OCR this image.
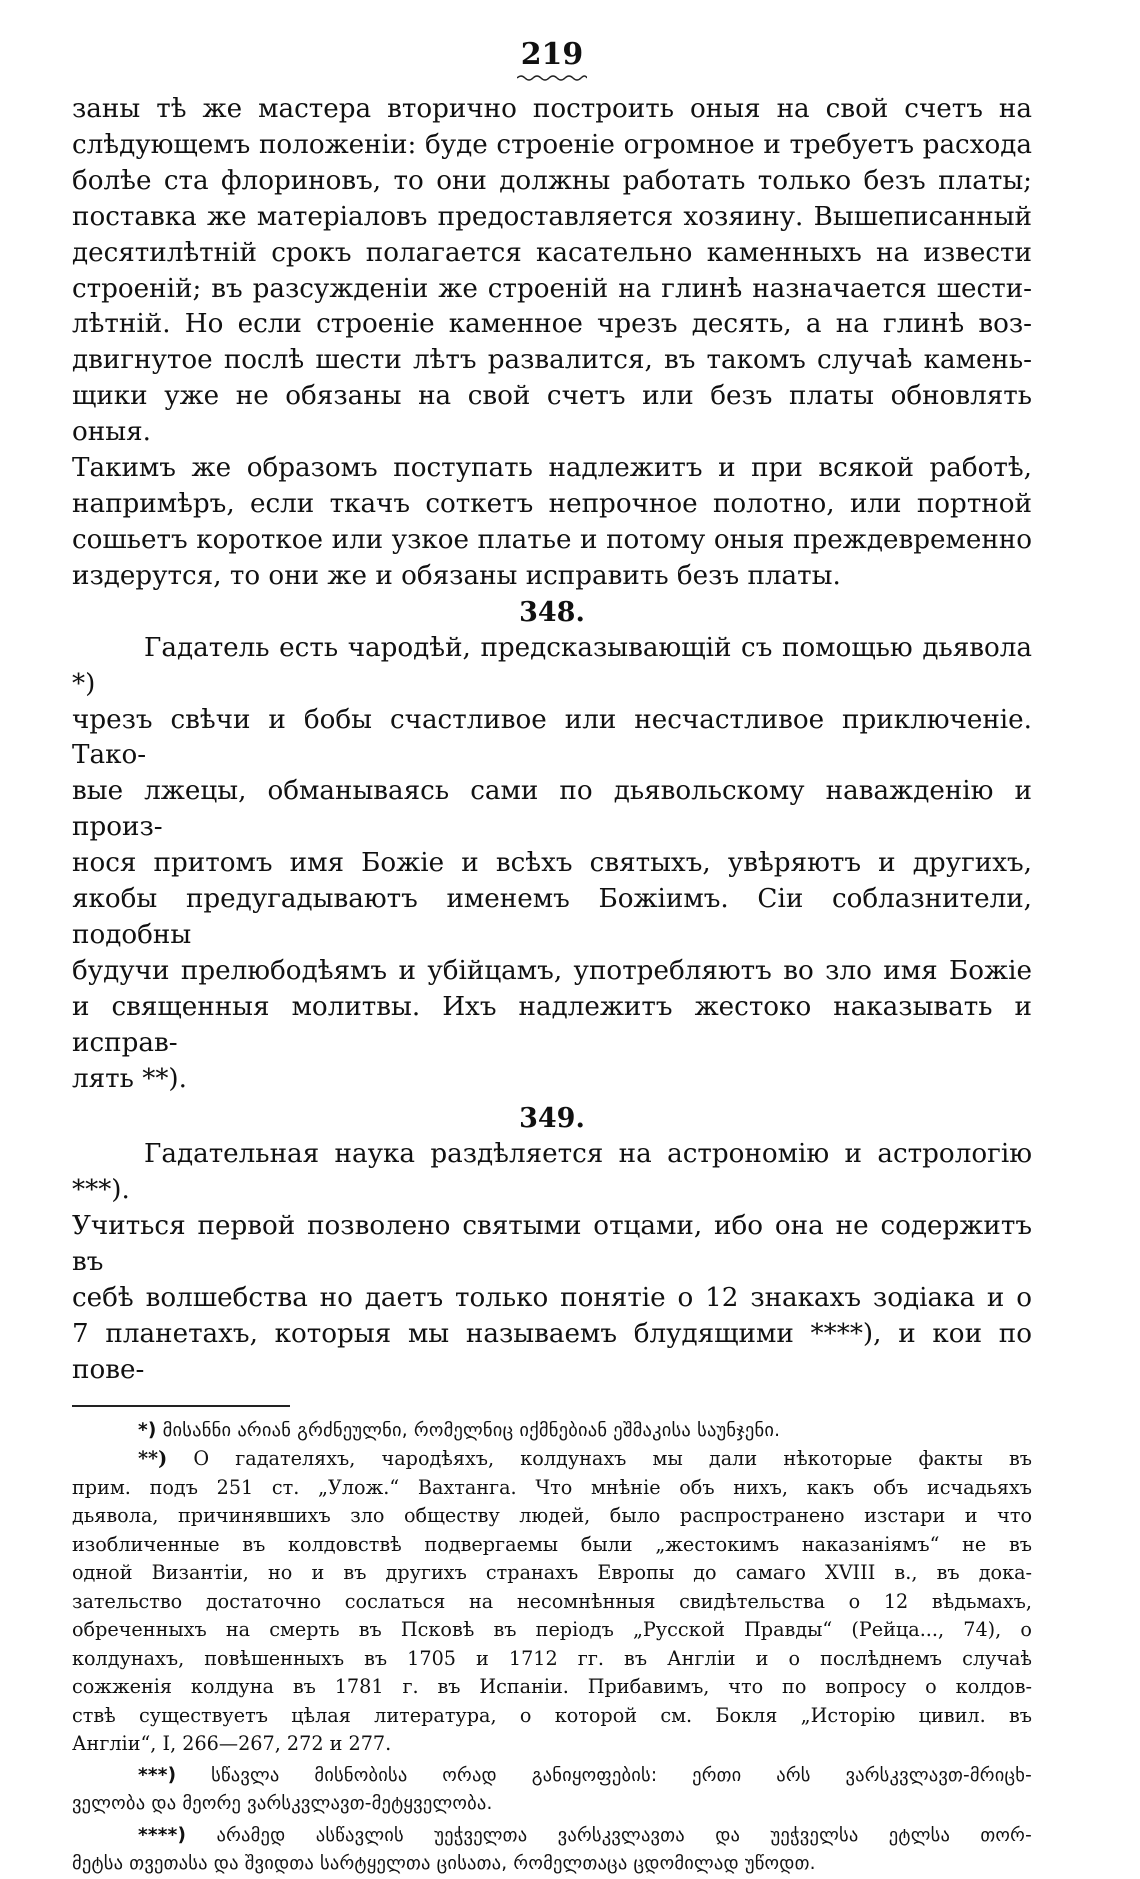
219
заны тѣ же мастера вторично построить оныя на свой счетъ на
слѣдующемъ положеніи: буде строеніе огромное и требуетъ расхода
болѣе ста флориновъ, то они должны работать только безъ платы;
поставка же матеріаловъ предоставляется хозяину. Вышеписанный
десятилѣтній срокъ полагается касательно каменныхъ на извести
строеній; въ разсужденіи же строеній на глинѣ назначается шести-
лѣтній. Но если строеніе каменное чрезъ десять, а на глинѣ воз-
двигнутое послѣ шести лѣтъ развалится, въ такомъ случаѣ камень-
щики уже не обязаны на свой счетъ или безъ платы обновлять оныя.
Такимъ же образомъ поступать надлежитъ и при всякой работѣ,
напримѣръ, если ткачъ соткетъ непрочное полотно, или портной
сошьетъ короткое или узкое платье и потому оныя преждевременно
издерутся, то они же и обязаны исправить безъ платы.
348.
Гадатель есть чародѣй, предсказывающій съ помощью дьявола *)
чрезъ свѣчи и бобы счастливое или несчастливое приключеніе. Тако-
вые лжецы, обманываясь сами по дьявольскому наважденію и произ-
нося притомъ имя Божіе и всѣхъ святыхъ, увѣряютъ и другихъ,
якобы предугадываютъ именемъ Божіимъ. Сіи соблазнители, подобны
будучи прелюбодѣямъ и убійцамъ, употребляютъ во зло имя Божіе
и священныя молитвы. Ихъ надлежитъ жестоко наказывать и исправ-
лять **).
349.
Гадательная наука раздѣляется на астрономію и астрологію ***).
Учиться первой позволено святыми отцами, ибо она не содержитъ въ
себѣ волшебства но даетъ только понятіе о 12 знакахъ зодіака и о
7 планетахъ, которыя мы называемъ блудящими ****), и кои по пове-
*) მისანნი არიან გრძნეულნი, რომელნიც იქმნებიან ეშმაკისა საუნჯენი.
**) О гадателяхъ, чародѣяхъ, колдунахъ мы дали нѣкоторые факты въ
прим. подъ 251 ст. „Улож.“ Вахтанга. Что мнѣніе объ нихъ, какъ объ исчадьяхъ
дьявола, причинявшихъ зло обществу людей, было распространено изстари и что
изобличенные въ колдовствѣ подвергаемы были „жестокимъ наказаніямъ“ не въ
одной Византіи, но и въ другихъ странахъ Европы до самаго XVIII в., въ дока-
зательство достаточно сослаться на несомнѣнныя свидѣтельства о 12 вѣдьмахъ,
обреченныхъ на смерть въ Псковѣ въ періодъ „Русской Правды“ (Рейца..., 74), о
колдунахъ, повѣшенныхъ въ 1705 и 1712 гг. въ Англіи и о послѣднемъ случаѣ
сожженія колдуна въ 1781 г. въ Испаніи. Прибавимъ, что по вопросу о колдов-
ствѣ существуетъ цѣлая литература, о которой см. Бокля „Исторію цивил. въ
Англіи“, I, 266—267, 272 и 277.
***) სწავლა მისნობისა ორად განიყოფების: ერთი არს ვარსკვლავთ-მრიცხ-
ველობა და მეორე ვარსკვლავთ-მეტყველობა.
****) არამედ ასწავლის უეჭველთა ვარსკვლავთა და უეჭველსა ეტლსა თორ-
მეტსა თვეთასა და შვიდთა სარტყელთა ცისათა, რომელთაცა ცდომილად უწოდთ.
